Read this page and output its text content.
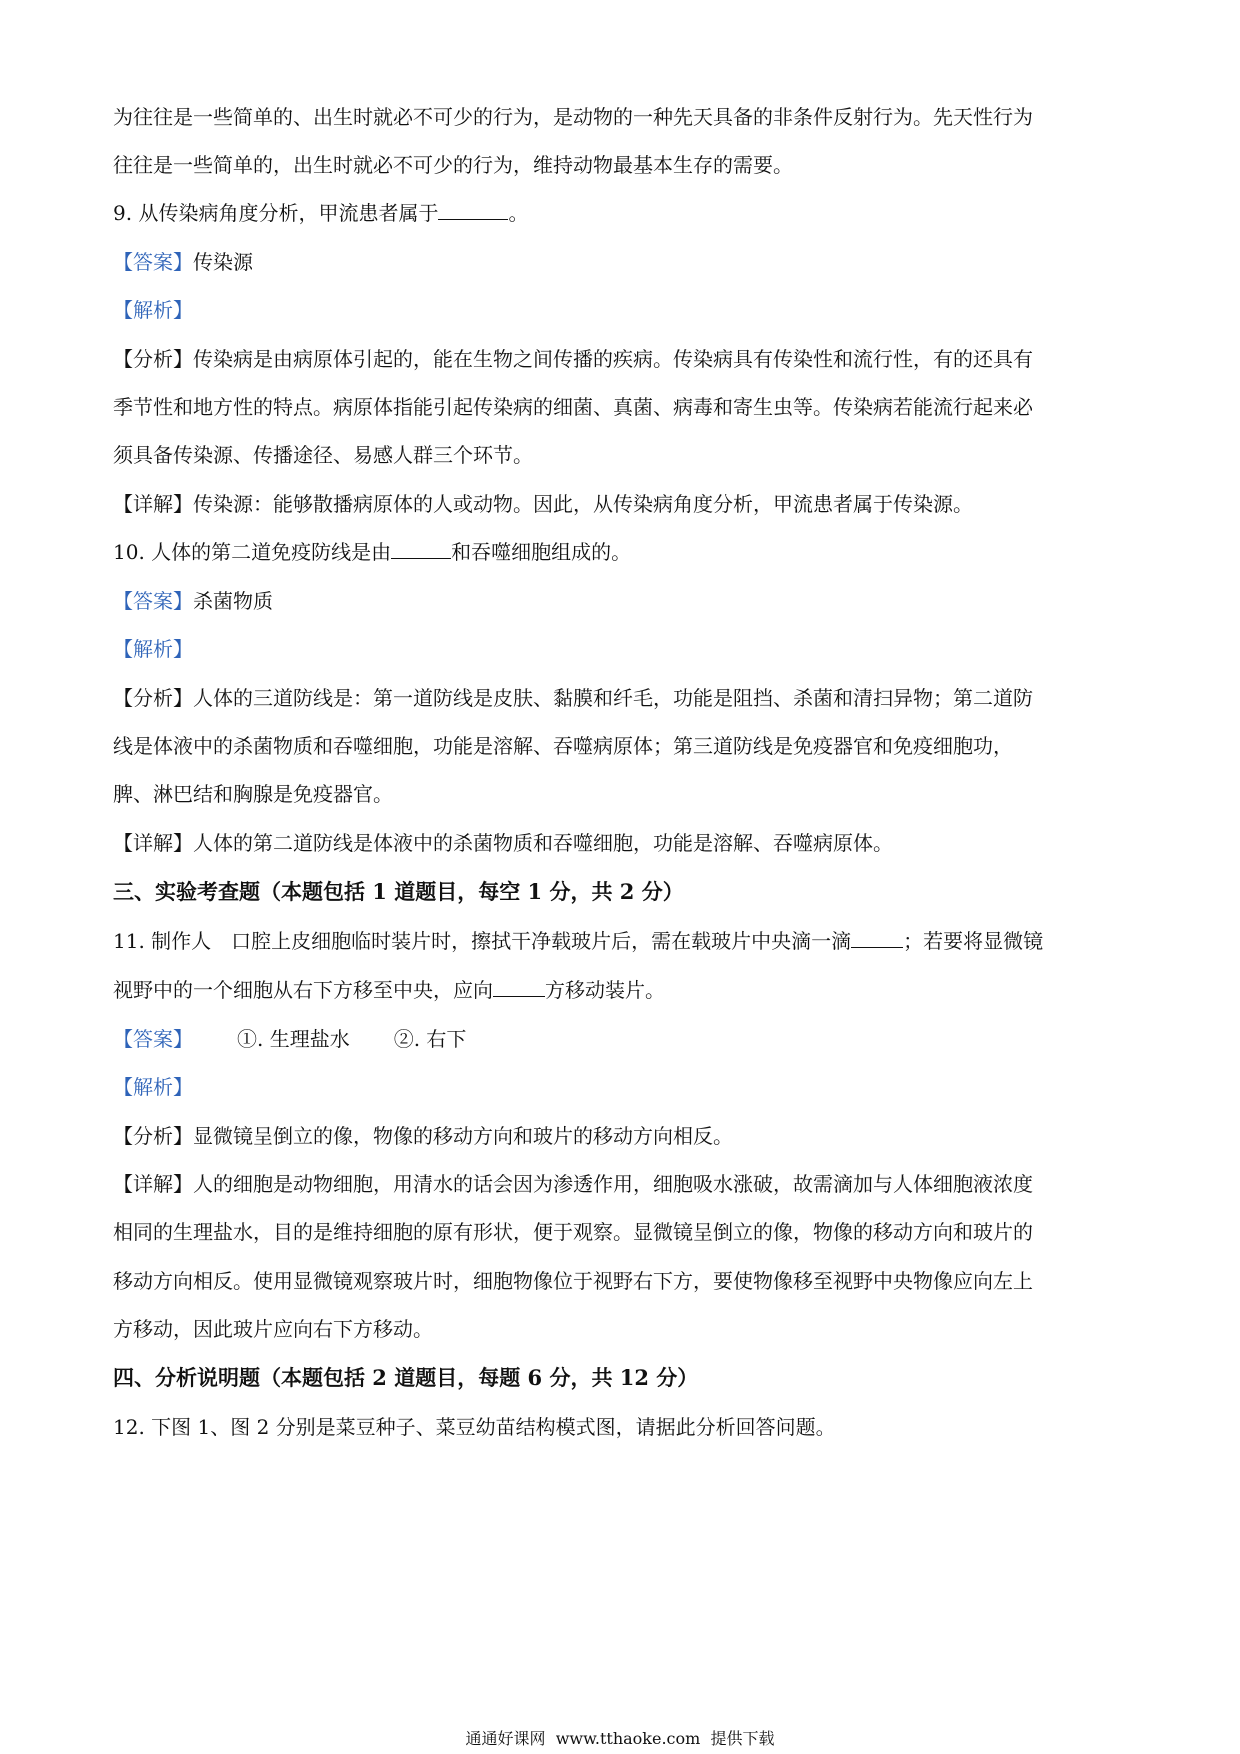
为往往是一些简单的、出生时就必不可少的行为，是动物的一种先天具备的非条件反射行为。先天性行为
往往是一些简单的，出生时就必不可少的行为，维持动物最基本生存的需要。
9. 从传染病角度分析，甲流患者属于	。
【答案】传染源
【解析】
【分析】传染病是由病原体引起的，能在生物之间传播的疾病。传染病具有传染性和流行性，有的还具有
季节性和地方性的特点。病原体指能引起传染病的细菌、真菌、病毒和寄生虫等。传染病若能流行起来必
须具备传染源、传播途径、易感人群三个环节。
【详解】传染源：能够散播病原体的人或动物。因此，从传染病角度分析，甲流患者属于传染源。
10. 人体的第二道免疫防线是由	和吞噬细胞组成的。
【答案】杀菌物质
【解析】
【分析】人体的三道防线是：第一道防线是皮肤、黏膜和纤毛，功能是阻挡、杀菌和清扫异物；第二道防
线是体液中的杀菌物质和吞噬细胞，功能是溶解、吞噬病原体；第三道防线是免疫器官和免疫细胞功，
脾、淋巴结和胸腺是免疫器官。
【详解】人体的第二道防线是体液中的杀菌物质和吞噬细胞，功能是溶解、吞噬病原体。
三、实验考查题（本题包括 1 道题目，每空 1 分，共 2 分）
11. 制作人　口腔上皮细胞临时装片时，擦拭干净载玻片后，需在载玻片中央滴一滴	；若要将显微镜
视野中的一个细胞从右下方移至中央，应向	方移动装片。
【答案】 ①. 生理盐水 ②. 右下
【解析】
【分析】显微镜呈倒立的像，物像的移动方向和玻片的移动方向相反。
【详解】人的细胞是动物细胞，用清水的话会因为渗透作用，细胞吸水涨破，故需滴加与人体细胞液浓度
相同的生理盐水，目的是维持细胞的原有形状，便于观察。显微镜呈倒立的像，物像的移动方向和玻片的
移动方向相反。使用显微镜观察玻片时，细胞物像位于视野右下方，要使物像移至视野中央物像应向左上
方移动，因此玻片应向右下方移动。
四、分析说明题（本题包括 2 道题目，每题 6 分，共 12 分）
12. 下图 1、图 2 分别是菜豆种子、菜豆幼苗结构模式图，请据此分析回答问题。
通通好课网 www.tthaoke.com 提供下载
